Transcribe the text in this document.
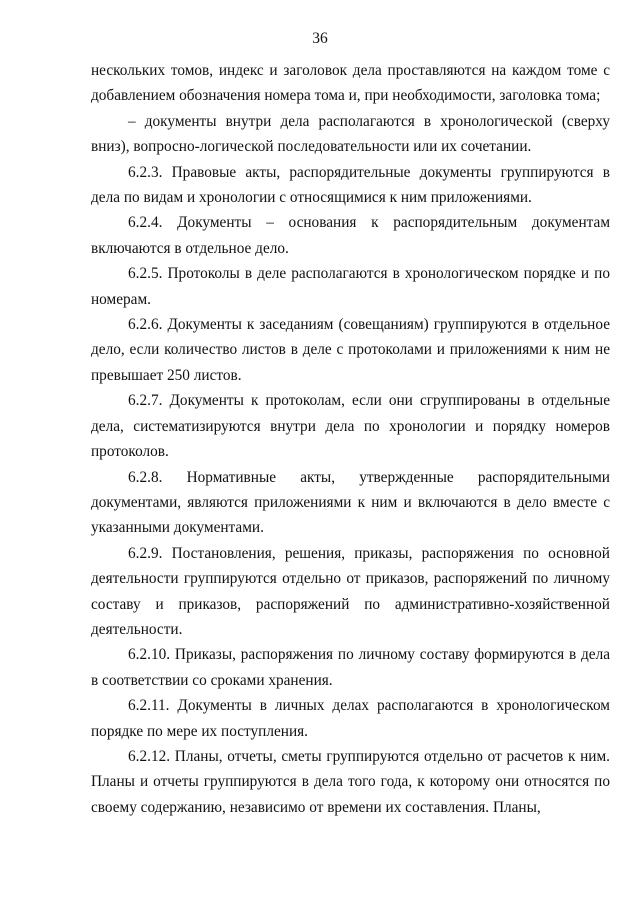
36

нескольких томов, индекс и заголовок дела проставляются на каждом томе с добавлением обозначения номера тома и, при необходимости, заголовка тома;

– документы внутри дела располагаются в хронологической (сверху вниз), вопросно-логической последовательности или их сочетании.

6.2.3. Правовые акты, распорядительные документы группируются в дела по видам и хронологии с относящимися к ним приложениями.

6.2.4. Документы – основания к распорядительным документам включаются в отдельное дело.

6.2.5. Протоколы в деле располагаются в хронологическом порядке и по номерам.

6.2.6. Документы к заседаниям (совещаниям) группируются в отдельное дело, если количество листов в деле с протоколами и приложениями к ним не превышает 250 листов.

6.2.7. Документы к протоколам, если они сгруппированы в отдельные дела, систематизируются внутри дела по хронологии и порядку номеров протоколов.

6.2.8. Нормативные акты, утвержденные распорядительными документами, являются приложениями к ним и включаются в дело вместе с указанными документами.

6.2.9. Постановления, решения, приказы, распоряжения по основной деятельности группируются отдельно от приказов, распоряжений по личному составу и приказов, распоряжений по административно-хозяйственной деятельности.

6.2.10. Приказы, распоряжения по личному составу формируются в дела в соответствии со сроками хранения.

6.2.11. Документы в личных делах располагаются в хронологическом порядке по мере их поступления.

6.2.12. Планы, отчеты, сметы группируются отдельно от расчетов к ним. Планы и отчеты группируются в дела того года, к которому они относятся по своему содержанию, независимо от времени их составления. Планы,
